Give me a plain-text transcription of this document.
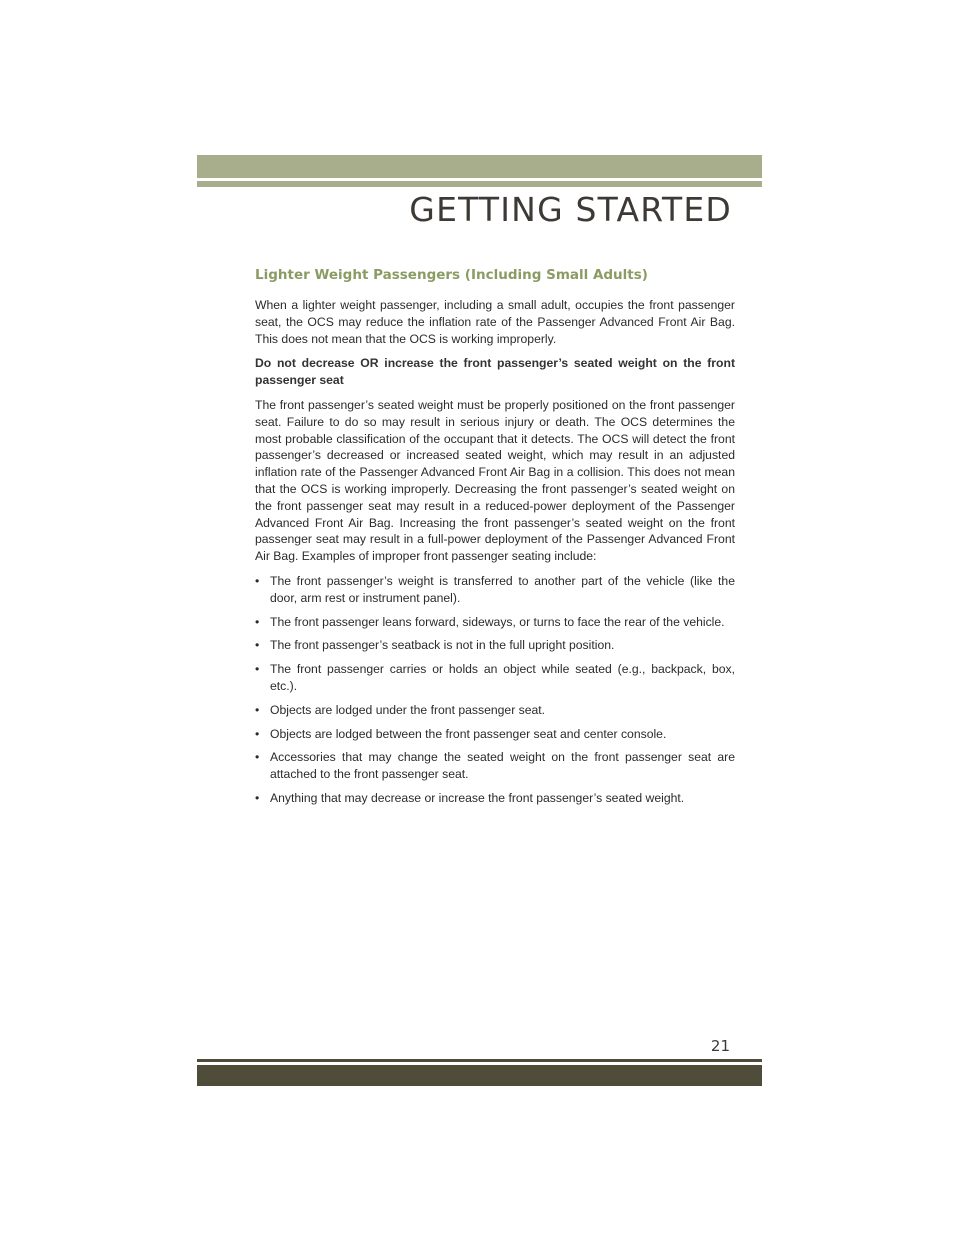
GETTING STARTED
Lighter Weight Passengers (Including Small Adults)

When a lighter weight passenger, including a small adult, occupies the front passenger seat, the OCS may reduce the inflation rate of the Passenger Advanced Front Air Bag. This does not mean that the OCS is working improperly.

Do not decrease OR increase the front passenger’s seated weight on the front passenger seat

The front passenger’s seated weight must be properly positioned on the front passenger seat. Failure to do so may result in serious injury or death. The OCS determines the most probable classification of the occupant that it detects. The OCS will detect the front passenger’s decreased or increased seated weight, which may result in an adjusted inflation rate of the Passenger Advanced Front Air Bag in a collision. This does not mean that the OCS is working improperly. Decreasing the front passenger’s seated weight on the front passenger seat may result in a reduced-power deployment of the Passenger Advanced Front Air Bag. Increasing the front passenger’s seated weight on the front passenger seat may result in a full-power deployment of the Passenger Advanced Front Air Bag. Examples of improper front passenger seating include:

• The front passenger’s weight is transferred to another part of the vehicle (like the door, arm rest or instrument panel).
• The front passenger leans forward, sideways, or turns to face the rear of the vehicle.
• The front passenger’s seatback is not in the full upright position.
• The front passenger carries or holds an object while seated (e.g., backpack, box, etc.).
• Objects are lodged under the front passenger seat.
• Objects are lodged between the front passenger seat and center console.
• Accessories that may change the seated weight on the front passenger seat are attached to the front passenger seat.
• Anything that may decrease or increase the front passenger’s seated weight.
21
